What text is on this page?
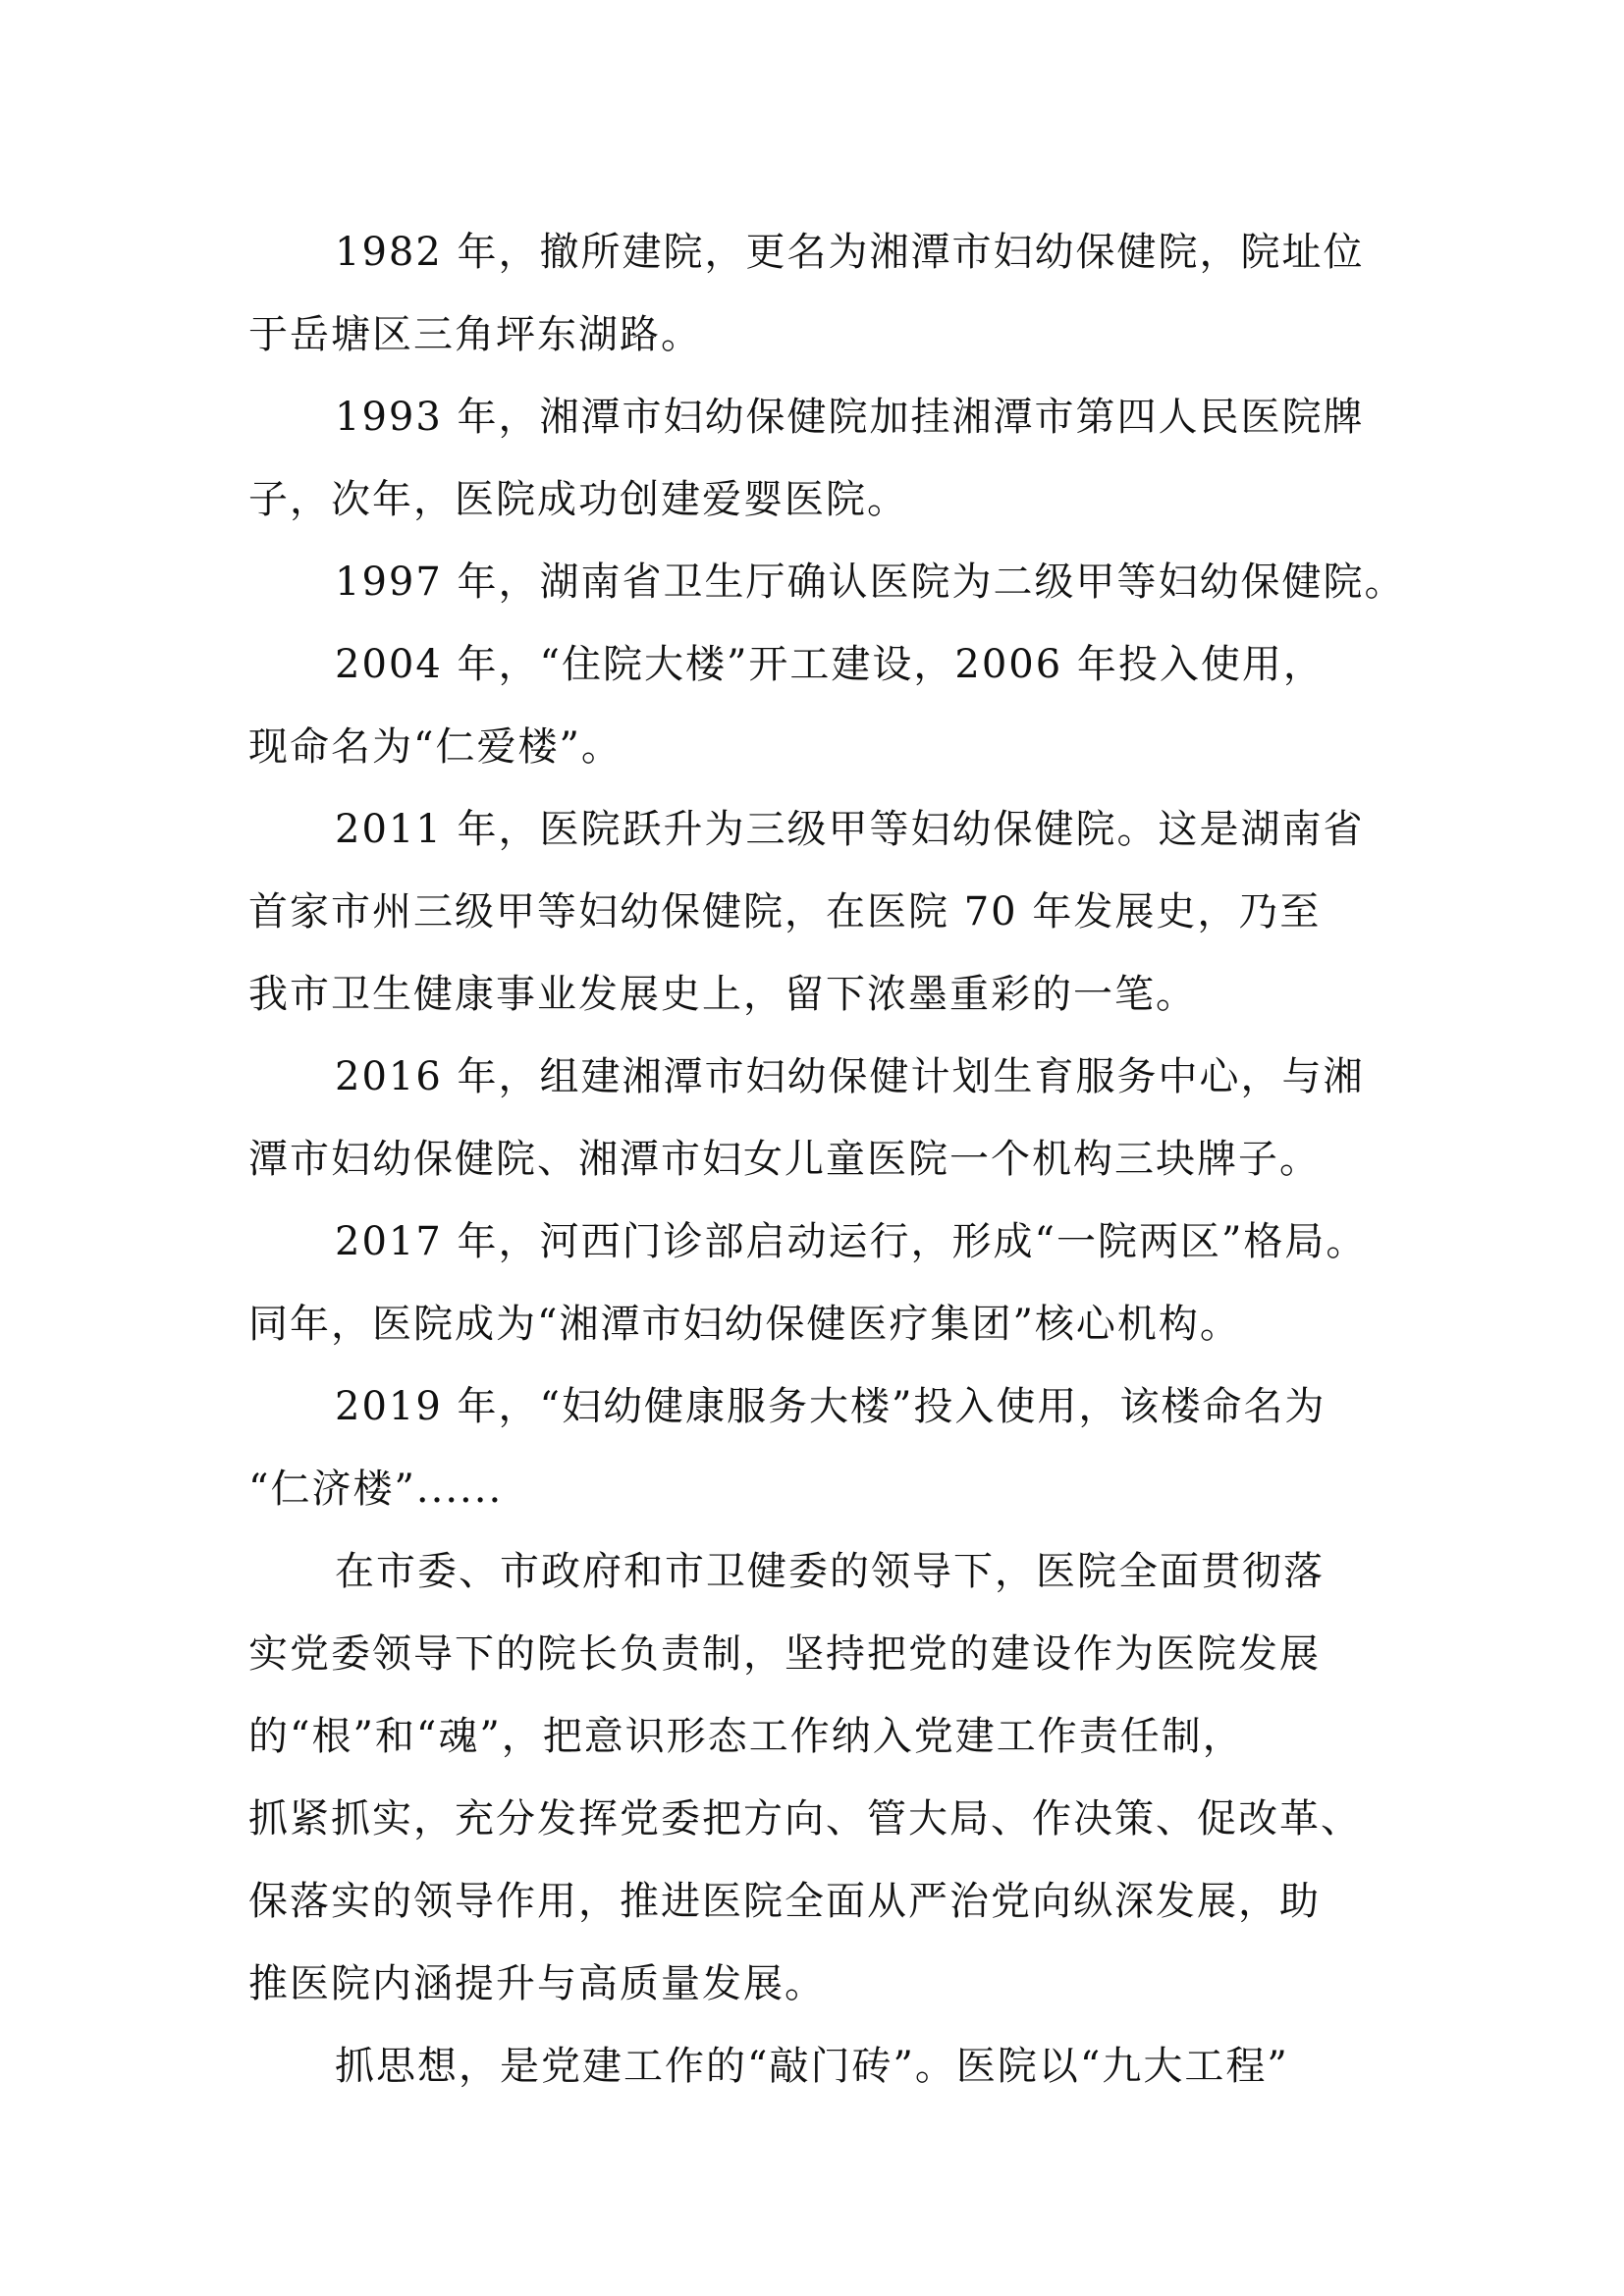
1982 年，撤所建院，更名为湘潭市妇幼保健院，院址位
于岳塘区三角坪东湖路。
1993 年，湘潭市妇幼保健院加挂湘潭市第四人民医院牌
子，次年，医院成功创建爱婴医院。
1997 年，湖南省卫生厅确认医院为二级甲等妇幼保健院。
2004 年，“住院大楼”开工建设，2006 年投入使用，
现命名为“仁爱楼”。
2011 年，医院跃升为三级甲等妇幼保健院。这是湖南省
首家市州三级甲等妇幼保健院，在医院 70 年发展史，乃至
我市卫生健康事业发展史上，留下浓墨重彩的一笔。
2016 年，组建湘潭市妇幼保健计划生育服务中心，与湘
潭市妇幼保健院、湘潭市妇女儿童医院一个机构三块牌子。
2017 年，河西门诊部启动运行，形成“一院两区”格局。
同年，医院成为“湘潭市妇幼保健医疗集团”核心机构。
2019 年，“妇幼健康服务大楼”投入使用，该楼命名为
“仁济楼”......
在市委、市政府和市卫健委的领导下，医院全面贯彻落
实党委领导下的院长负责制，坚持把党的建设作为医院发展
的“根”和“魂”，把意识形态工作纳入党建工作责任制，
抓紧抓实，充分发挥党委把方向、管大局、作决策、促改革、
保落实的领导作用，推进医院全面从严治党向纵深发展，助
推医院内涵提升与高质量发展。
抓思想，是党建工作的“敲门砖”。医院以“九大工程”
